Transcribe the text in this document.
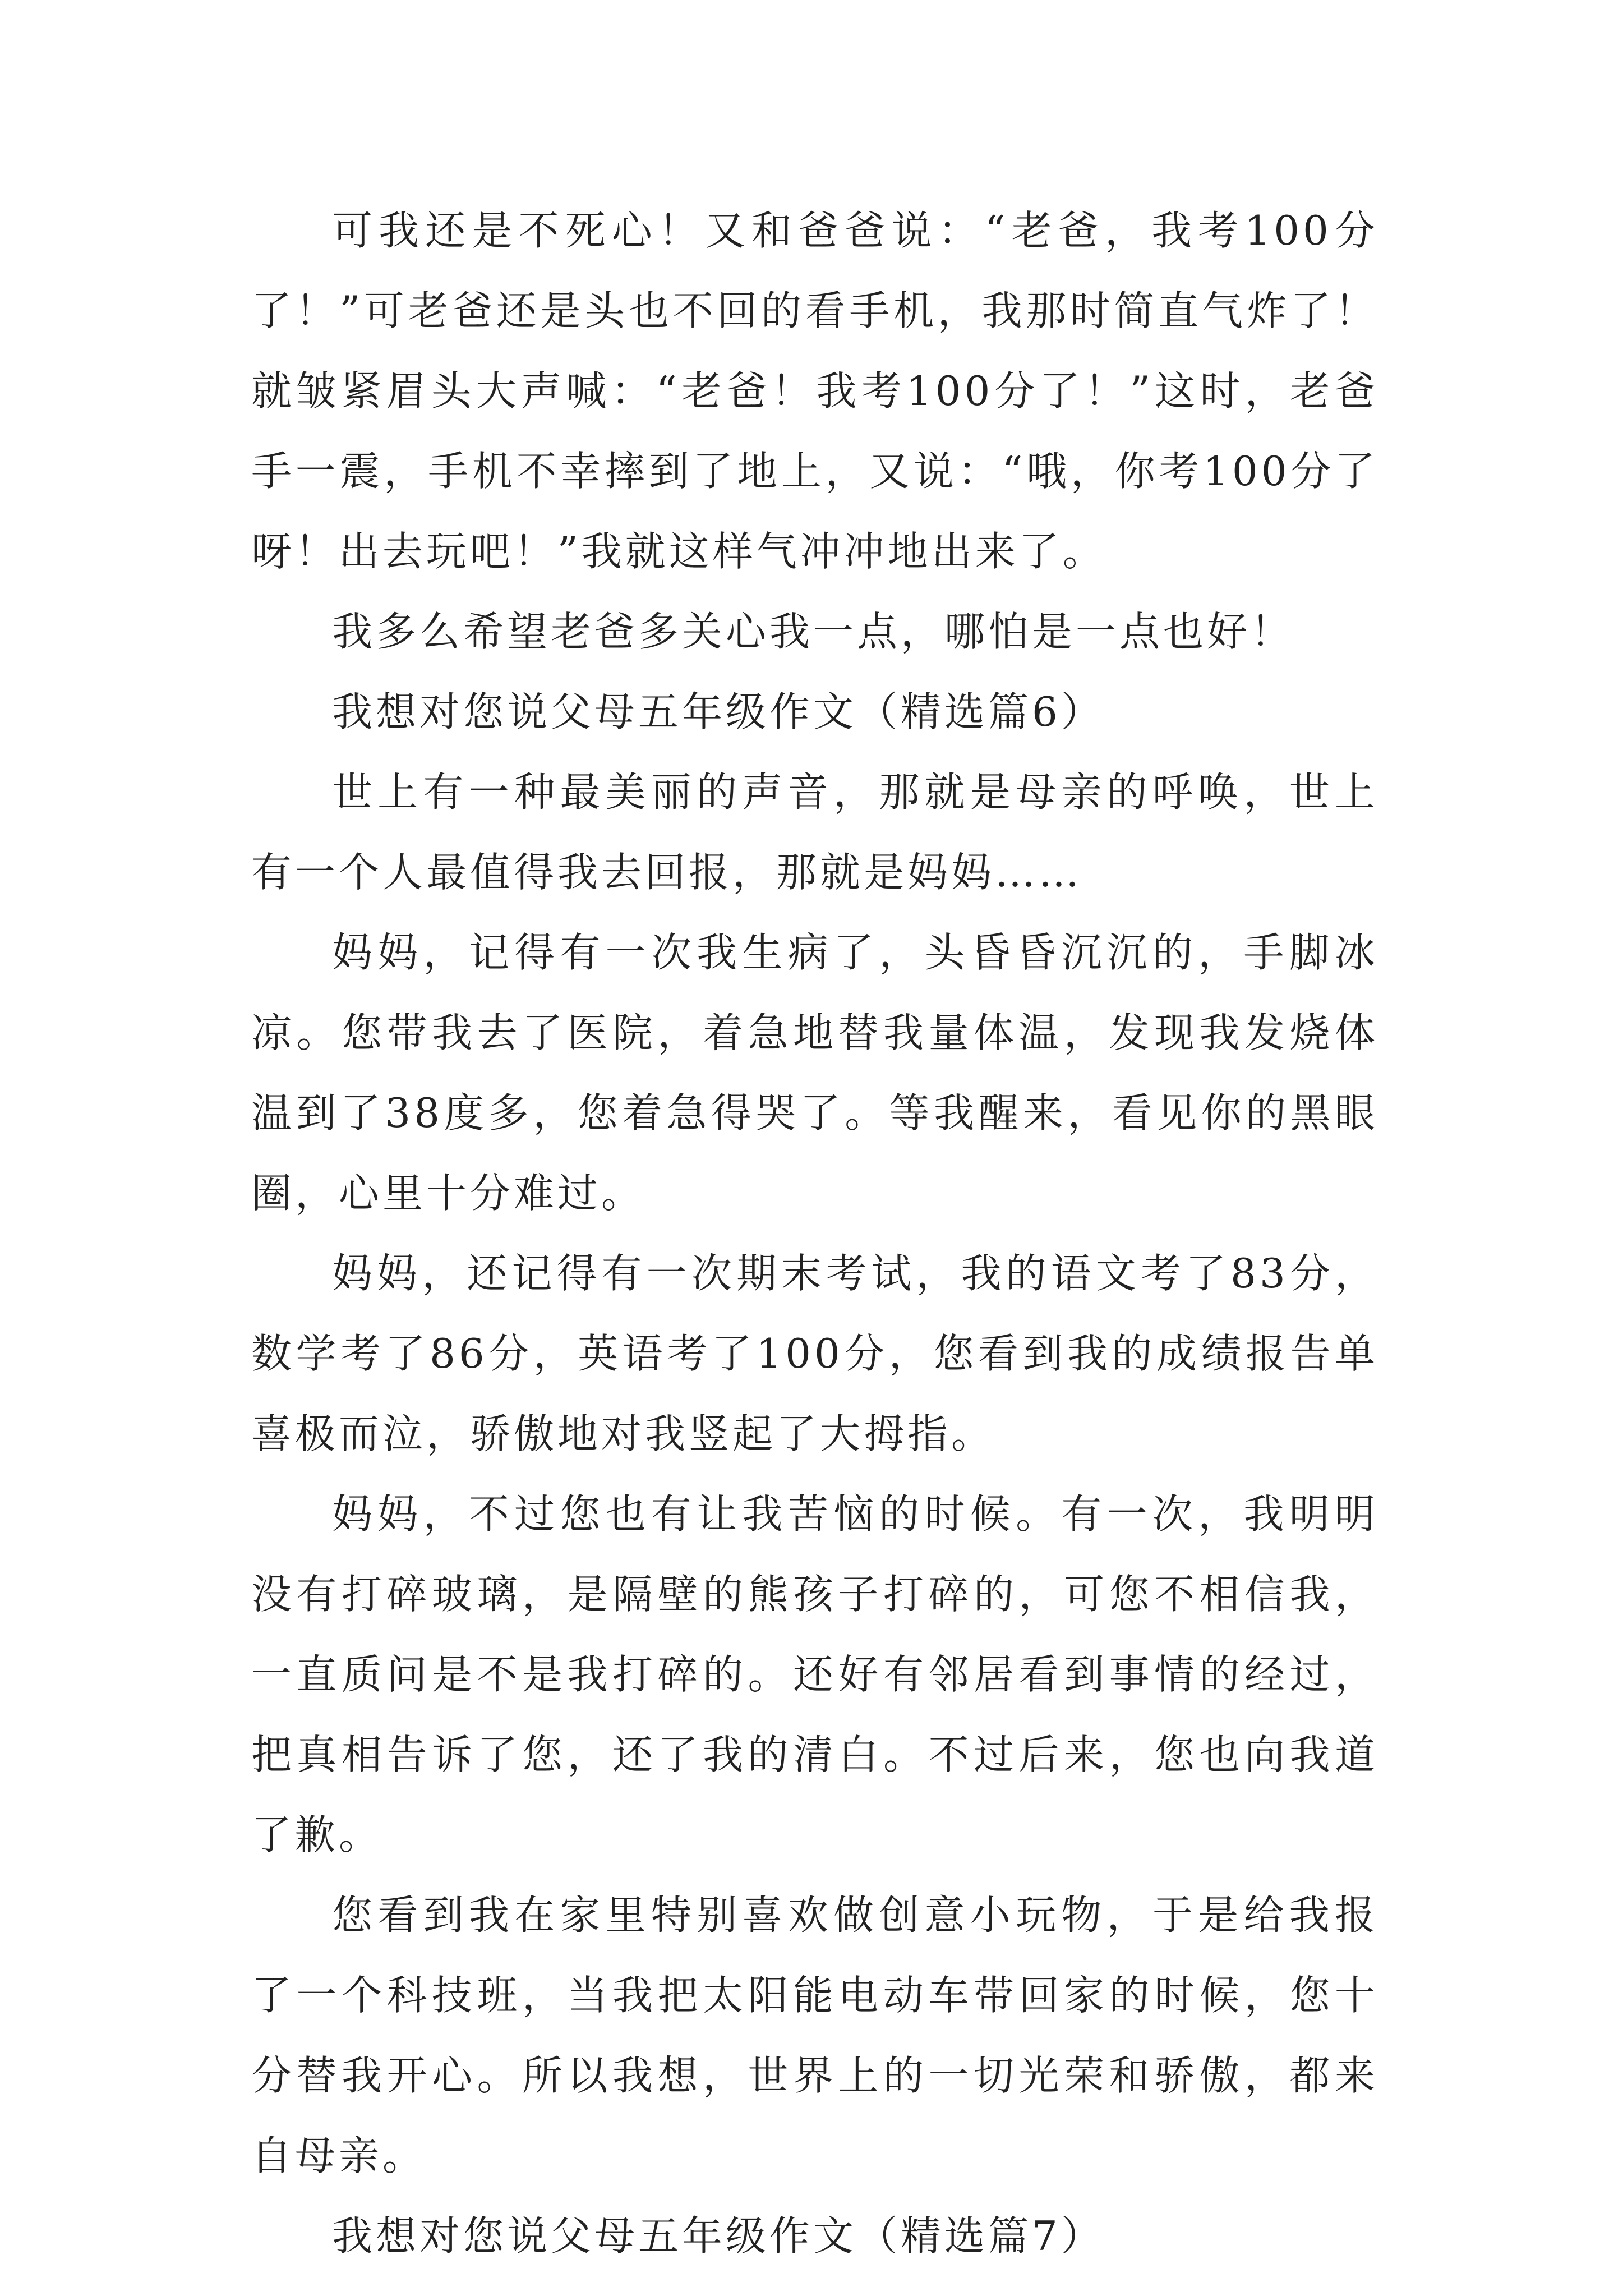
可我还是不死心！又和爸爸说：“老爸，我考100分了！”可老爸还是头也不回的看手机，我那时简直气炸了！就皱紧眉头大声喊：“老爸！我考100分了！”这时，老爸手一震，手机不幸摔到了地上，又说：“哦，你考100分了呀！出去玩吧！”我就这样气冲冲地出来了。

我多么希望老爸多关心我一点，哪怕是一点也好！

我想对您说父母五年级作文（精选篇6）

世上有一种最美丽的声音，那就是母亲的呼唤，世上有一个人最值得我去回报，那就是妈妈……

妈妈，记得有一次我生病了，头昏昏沉沉的，手脚冰凉。您带我去了医院，着急地替我量体温，发现我发烧体温到了38度多，您着急得哭了。等我醒来，看见你的黑眼圈，心里十分难过。

妈妈，还记得有一次期末考试，我的语文考了83分，数学考了86分，英语考了100分，您看到我的成绩报告单喜极而泣，骄傲地对我竖起了大拇指。

妈妈，不过您也有让我苦恼的时候。有一次，我明明没有打碎玻璃，是隔壁的熊孩子打碎的，可您不相信我，一直质问是不是我打碎的。还好有邻居看到事情的经过，把真相告诉了您，还了我的清白。不过后来，您也向我道了歉。

您看到我在家里特别喜欢做创意小玩物，于是给我报了一个科技班，当我把太阳能电动车带回家的时候，您十分替我开心。所以我想，世界上的一切光荣和骄傲，都来自母亲。

我想对您说父母五年级作文（精选篇7）
